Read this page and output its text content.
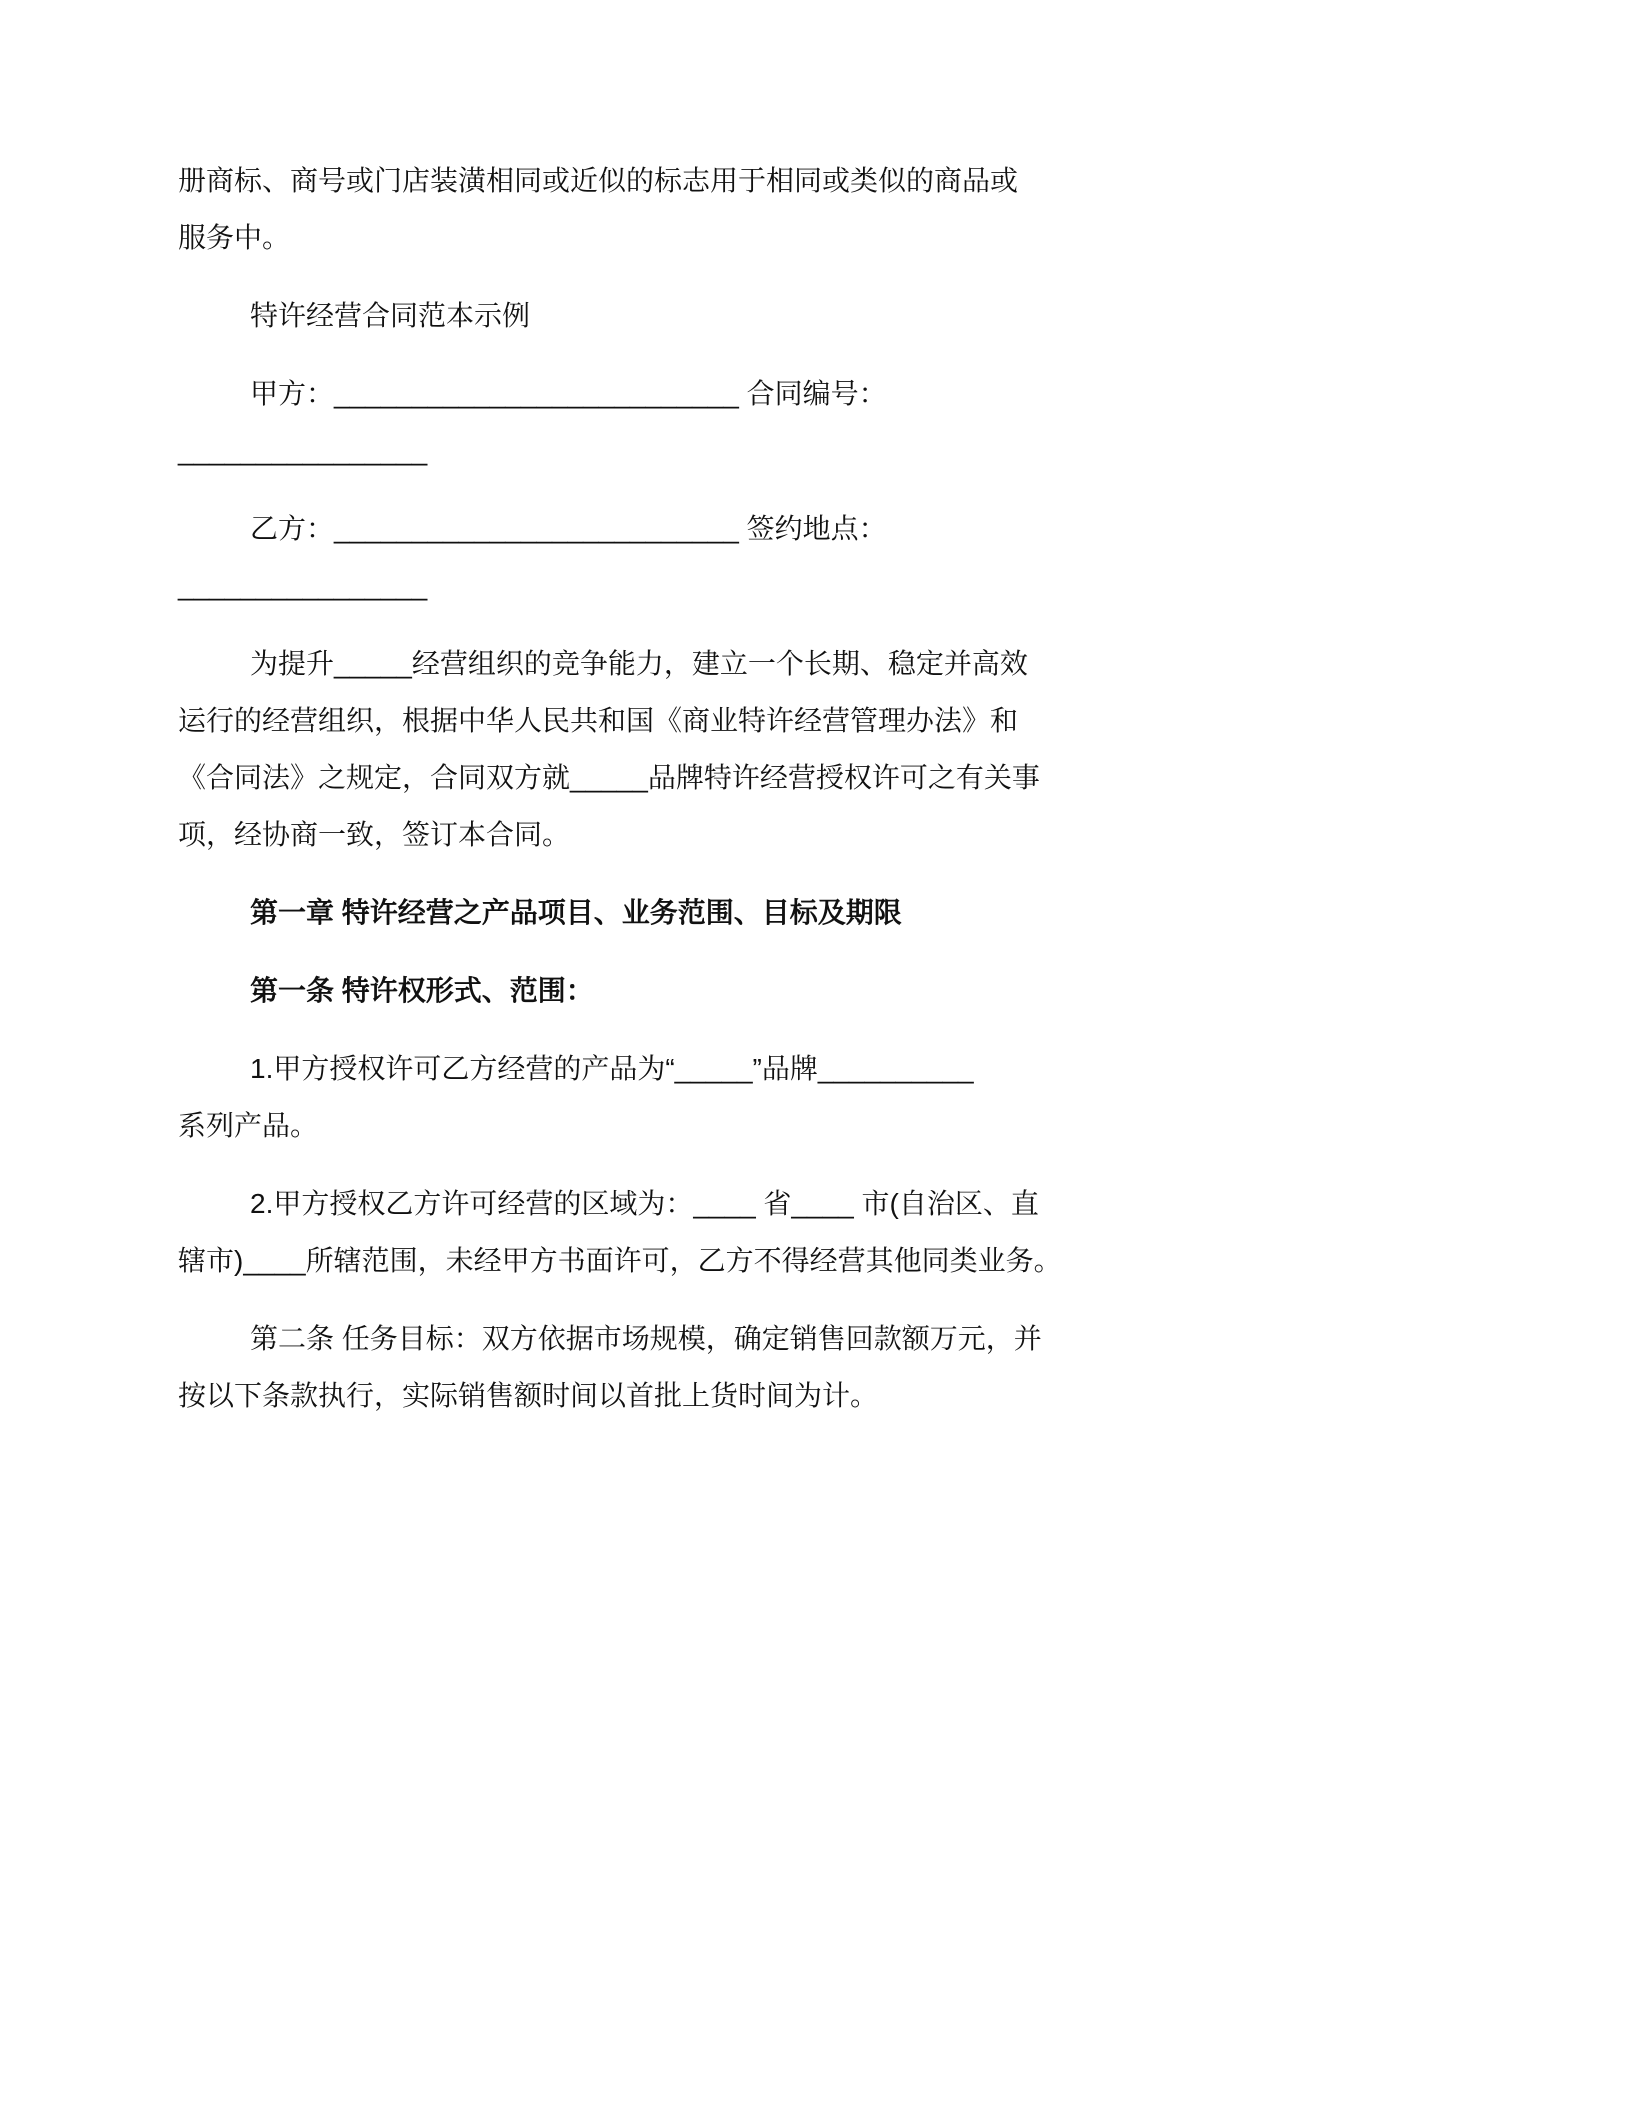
册商标、商号或门店装潢相同或近似的标志用于相同或类似的商品或
服务中。
特许经营合同范本示例
甲方：__________________________ 合同编号：
________________
乙方：__________________________ 签约地点：
________________
为提升_____经营组织的竞争能力，建立一个长期、稳定并高效
运行的经营组织，根据中华人民共和国《商业特许经营管理办法》和
《合同法》之规定，合同双方就_____品牌特许经营授权许可之有关事
项，经协商一致，签订本合同。
第一章 特许经营之产品项目、业务范围、目标及期限
第一条 特许权形式、范围：
1.甲方授权许可乙方经营的产品为“_____”品牌__________
系列产品。
2.甲方授权乙方许可经营的区域为：____ 省____ 市(自治区、直
辖市)____所辖范围，未经甲方书面许可，乙方不得经营其他同类业务。
第二条 任务目标：双方依据市场规模，确定销售回款额万元，并
按以下条款执行，实际销售额时间以首批上货时间为计。
